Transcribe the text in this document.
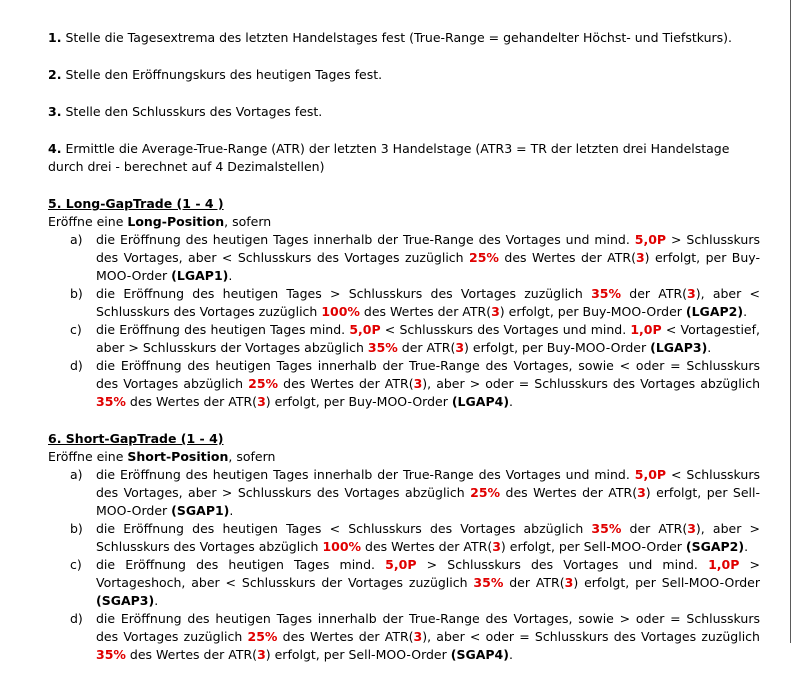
1. Stelle die Tagesextrema des letzten Handelstages fest (True-Range = gehandelter Höchst- und Tiefstkurs).

2. Stelle den Eröffnungskurs des heutigen Tages fest.

3. Stelle den Schlusskurs des Vortages fest.

4. Ermittle die Average-True-Range (ATR) der letzten 3 Handelstage (ATR3 = TR der letzten drei Handelstage durch drei - berechnet auf 4 Dezimalstellen)

5. Long-GapTrade (1 - 4 )

Eröffne eine Long-Position, sofern

a) die Eröffnung des heutigen Tages innerhalb der True-Range des Vortages und mind. 5,0P > Schlusskurs des Vortages, aber < Schlusskurs des Vortages zuzüglich 25% des Wertes der ATR(3) erfolgt, per Buy-MOO-Order (LGAP1).
b) die Eröffnung des heutigen Tages > Schlusskurs des Vortages zuzüglich 35% der ATR(3), aber < Schlusskurs des Vortages zuzüglich 100% des Wertes der ATR(3) erfolgt, per Buy-MOO-Order (LGAP2).
c) die Eröffnung des heutigen Tages mind. 5,0P < Schlusskurs des Vortages und mind. 1,0P < Vortagestief, aber > Schlusskurs der Vortages abzüglich 35% der ATR(3) erfolgt, per Buy-MOO-Order (LGAP3).
d) die Eröffnung des heutigen Tages innerhalb der True-Range des Vortages, sowie < oder = Schlusskurs des Vortages abzüglich 25% des Wertes der ATR(3), aber > oder = Schlusskurs des Vortages abzüglich 35% des Wertes der ATR(3) erfolgt, per Buy-MOO-Order (LGAP4).
6. Short-GapTrade (1 - 4)

Eröffne eine Short-Position, sofern

a) die Eröffnung des heutigen Tages innerhalb der True-Range des Vortages und mind. 5,0P < Schlusskurs des Vortages, aber > Schlusskurs des Vortages abzüglich 25% des Wertes der ATR(3) erfolgt, per Sell-MOO-Order (SGAP1).
b) die Eröffnung des heutigen Tages < Schlusskurs des Vortages abzüglich 35% der ATR(3), aber > Schlusskurs des Vortages abzüglich 100% des Wertes der ATR(3) erfolgt, per Sell-MOO-Order (SGAP2).
c) die Eröffnung des heutigen Tages mind. 5,0P > Schlusskurs des Vortages und mind. 1,0P > Vortageshoch, aber < Schlusskurs der Vortages zuzüglich 35% der ATR(3) erfolgt, per Sell-MOO-Order (SGAP3).
d) die Eröffnung des heutigen Tages innerhalb der True-Range des Vortages, sowie > oder = Schlusskurs des Vortages zuzüglich 25% des Wertes der ATR(3), aber < oder = Schlusskurs des Vortages zuzüglich 35% des Wertes der ATR(3) erfolgt, per Sell-MOO-Order (SGAP4).
